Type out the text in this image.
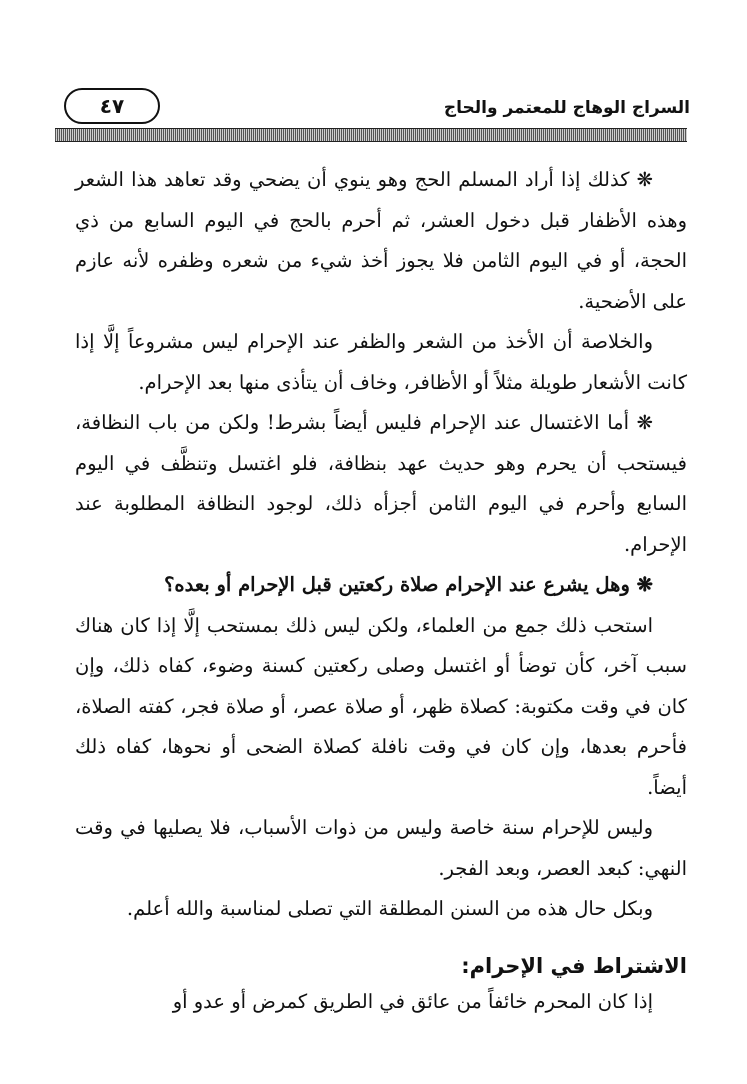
السراج الوهاج للمعتمر والحاج
٤٧

❋ كذلك إذا أراد المسلم الحج وهو ينوي أن يضحي وقد تعاهد هذا الشعر وهذه الأظفار قبل دخول العشر، ثم أحرم بالحج في اليوم السابع من ذي الحجة، أو في اليوم الثامن فلا يجوز أخذ شيء من شعره وظفره لأنه عازم على الأضحية.

والخلاصة أن الأخذ من الشعر والظفر عند الإحرام ليس مشروعاً إلَّا إذا كانت الأشعار طويلة مثلاً أو الأظافر، وخاف أن يتأذى منها بعد الإحرام.

❋ أما الاغتسال عند الإحرام فليس أيضاً بشرط! ولكن من باب النظافة، فيستحب أن يحرم وهو حديث عهد بنظافة، فلو اغتسل وتنظَّف في اليوم السابع وأحرم في اليوم الثامن أجزأه ذلك، لوجود النظافة المطلوبة عند الإحرام.

❋ وهل يشرع عند الإحرام صلاة ركعتين قبل الإحرام أو بعده؟

استحب ذلك جمع من العلماء، ولكن ليس ذلك بمستحب إلَّا إذا كان هناك سبب آخر، كأن توضأ أو اغتسل وصلى ركعتين كسنة وضوء، كفاه ذلك، وإن كان في وقت مكتوبة: كصلاة ظهر، أو صلاة عصر، أو صلاة فجر، كفته الصلاة، فأحرم بعدها، وإن كان في وقت نافلة كصلاة الضحى أو نحوها، كفاه ذلك أيضاً.

وليس للإحرام سنة خاصة وليس من ذوات الأسباب، فلا يصليها في وقت النهي: كبعد العصر، وبعد الفجر.

وبكل حال هذه من السنن المطلقة التي تصلى لمناسبة والله أعلم.

الاشتراط في الإحرام:

إذا كان المحرم خائفاً من عائق في الطريق كمرض أو عدو أو
